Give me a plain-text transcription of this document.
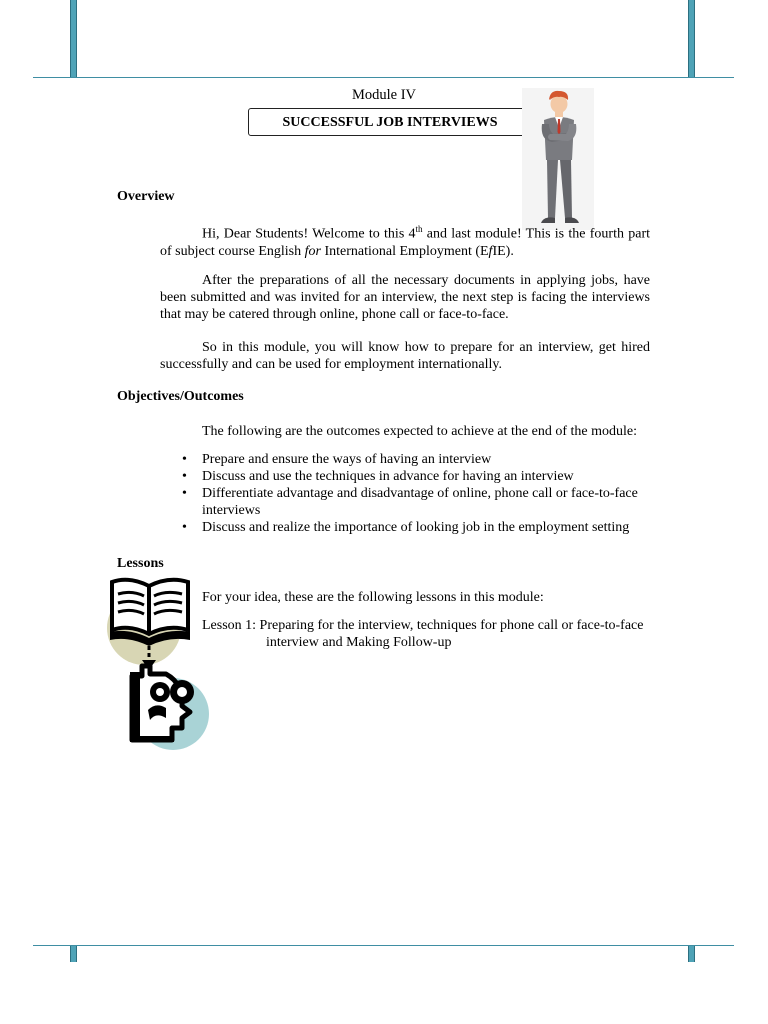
Module IV
SUCCESSFUL JOB INTERVIEWS
Overview

Hi, Dear Students! Welcome to this 4th and last module! This is the fourth part of subject course English for International Employment (EfIE).

After the preparations of all the necessary documents in applying jobs, have been submitted and was invited for an interview, the next step is facing the interviews that may be catered through online, phone call or face-to-face.

So in this module, you will know how to prepare for an interview, get hired successfully and can be used for employment internationally.

Objectives/Outcomes
The following are the outcomes expected to achieve at the end of the module:
• Prepare and ensure the ways of having an interview
• Discuss and use the techniques in advance for having an interview
• Differentiate advantage and disadvantage of online, phone call or face-to-face interviews
• Discuss and realize the importance of looking job in the employment setting
Lessons
For your idea, these are the following lessons in this module:
Lesson 1: Preparing for the interview, techniques for phone call or face-to-face
interview and Making Follow-up
